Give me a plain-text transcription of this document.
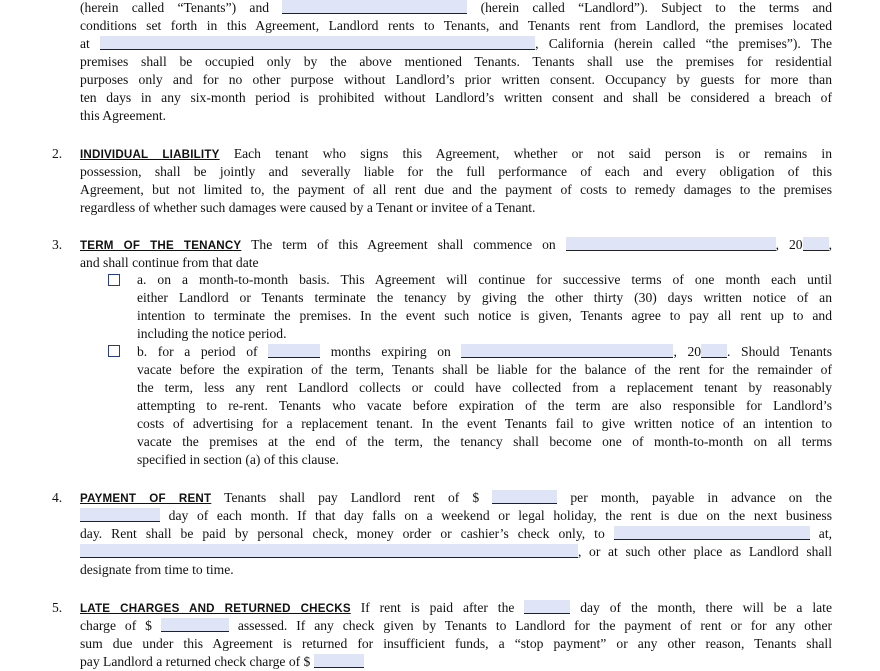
(herein called “Tenants”) and	(herein called “Landlord”). Subject to the terms and
conditions set forth in this Agreement, Landlord rents to Tenants, and Tenants rent from Landlord, the premises located
at	, California (herein called “the premises”). The
premises shall be occupied only by the above mentioned Tenants. Tenants shall use the premises for residential
purposes only and for no other purpose without Landlord’s prior written consent. Occupancy by guests for more than
ten days in any six-month period is prohibited without Landlord’s written consent and shall be considered a breach of
this Agreement.
2.	INDIVIDUAL LIABILITY Each tenant who signs this Agreement, whether or not said person is or remains in
possession, shall be jointly and severally liable for the full performance of each and every obligation of this
Agreement, but not limited to, the payment of all rent due and the payment of costs to remedy damages to the premises
regardless of whether such damages were caused by a Tenant or invitee of a Tenant.
3.	TERM OF THE TENANCY The term of this Agreement shall commence on	, 20 ,
and shall continue from that date
a. on a month-to-month basis. This Agreement will continue for successive terms of one month each until
either Landlord or Tenants terminate the tenancy by giving the other thirty (30) days written notice of an
intention to terminate the premises. In the event such notice is given, Tenants agree to pay all rent up to and
including the notice period.
b. for a period of	months expiring on	, 20 . Should Tenants
vacate before the expiration of the term, Tenants shall be liable for the balance of the rent for the remainder of
the term, less any rent Landlord collects or could have collected from a replacement tenant by reasonably
attempting to re-rent. Tenants who vacate before expiration of the term are also responsible for Landlord’s
costs of advertising for a replacement tenant. In the event Tenants fail to give written notice of an intention to
vacate the premises at the end of the term, the tenancy shall become one of month-to-month on all terms
specified in section (a) of this clause.
4.	PAYMENT OF RENT Tenants shall pay Landlord rent of $	per month, payable in advance on the
day of each month. If that day falls on a weekend or legal holiday, the rent is due on the next business
day. Rent shall be paid by personal check, money order or cashier’s check only, to	at,
, or at such other place as Landlord shall
designate from time to time.
5.	LATE CHARGES AND RETURNED CHECKS If rent is paid after the	day of the month, there will be a late
charge of $	assessed. If any check given by Tenants to Landlord for the payment of rent or for any other
sum due under this Agreement is returned for insufficient funds, a “stop payment” or any other reason, Tenants shall
pay Landlord a returned check charge of $
